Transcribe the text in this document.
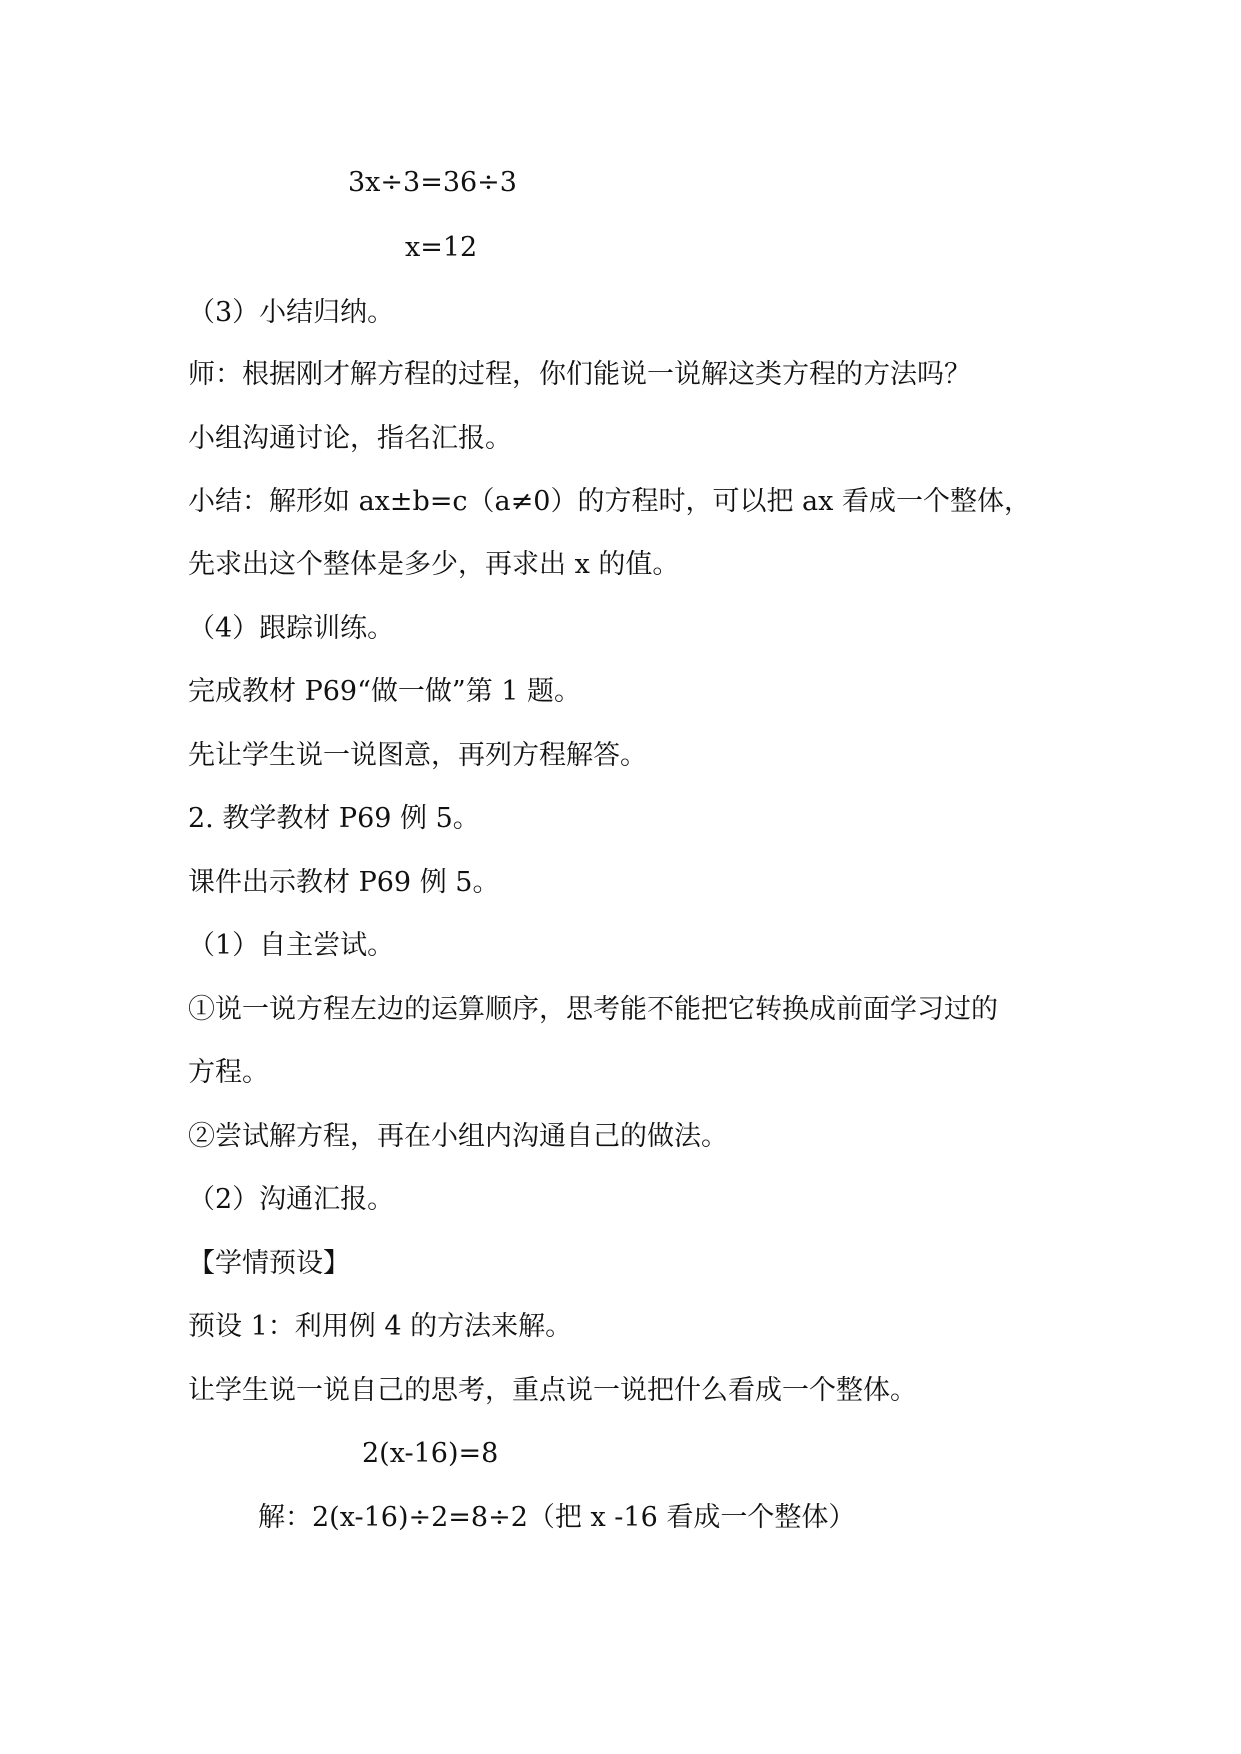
3x÷3=36÷3
x=12
（3）小结归纳。
师：根据刚才解方程的过程，你们能说一说解这类方程的方法吗？
小组沟通讨论，指名汇报。
小结：解形如 ax±b=c（a≠0）的方程时，可以把 ax 看成一个整体，
先求出这个整体是多少，再求出 x 的值。
（4）跟踪训练。
完成教材 P69“做一做”第 1 题。
先让学生说一说图意，再列方程解答。
2. 教学教材 P69 例 5。
课件出示教材 P69 例 5。
（1）自主尝试。
①说一说方程左边的运算顺序，思考能不能把它转换成前面学习过的
方程。
②尝试解方程，再在小组内沟通自己的做法。
（2）沟通汇报。
【学情预设】
预设 1：利用例 4 的方法来解。
让学生说一说自己的思考，重点说一说把什么看成一个整体。
2(x-16)=8
解：2(x-16)÷2=8÷2（把 x -16 看成一个整体）
